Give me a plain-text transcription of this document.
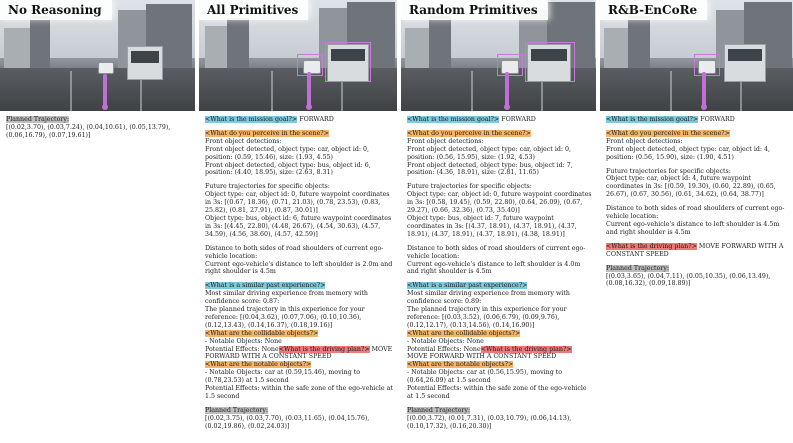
No Reasoning

Planned Trajectory:

[(0.02,3.70), (0.03,7.24), (0.04,10.61), (0.05,13.79), (0.06,16.79), (0.07,19.61)]

All Primitives

<What is the mission goal?> FORWARD

<What do you perceive in the scene?>

Front object detections:

Front object detected, object type: car, object id: 0, position: (0.59, 15.46), size: (1.93, 4.55)

Front object detected, object type: bus, object id: 6, position: (4.40, 18.95), size: (2.63, 8.31)

Future trajectories for specific objects:

Object type: car, object id: 0, future waypoint coordinates in 3s: [(0.67, 18.36), (0.71, 21.03), (0.78, 23.53), (0.83, 25.82), (0.81, 27.91), (0.87, 30.01)]

Object type: bus, object id: 6, future waypoint coordinates in 3s: [(4.45, 22.80), (4.48, 26.67), (4.54, 30.63), (4.57, 34.59), (4.56, 38.60), (4.57, 42.59)]

Distance to both sides of road shoulders of current ego-vehicle location:

Current ego-vehicle's distance to left shoulder is 2.0m and right shoulder is 4.5m

<What is a similar past experience?>

Most similar driving experience from memory with confidence score: 0.87:

The planned trajectory in this experience for your reference: [(0.04,3.62), (0.07,7.06), (0.10,10.36), (0.12,13.43), (0.14,16.37), (0.18,19.16)]

<What are the collidable objects?>

- Notable Objects: None

Potential Effects: None<What is the driving plan?> MOVE FORWARD WITH A CONSTANT SPEED

<What are the notable objects?>

- Notable Objects: car at (0.59,15.46), moving to (0.78,23.53) at 1.5 second

Potential Effects: within the safe zone of the ego-vehicle at 1.5 second

Planned Trajectory:

[(0.02,3.75), (0.03,7.70), (0.03,11.65), (0.04,15.76), (0.02,19.86), (0.02,24.03)]

Random Primitives

<What is the mission goal?> FORWARD

<What do you perceive in the scene?>

Front object detections:

Front object detected, object type: car, object id: 0, position: (0.56, 15.95), size: (1.92, 4.53)

Front object detected, object type: bus, object id: 7, position: (4.36, 18.91), size: (2.81, 11.65)

Future trajectories for specific objects:

Object type: car, object id: 0, future waypoint coordinates in 3s: [(0.58, 19.45), (0.59, 22.80), (0.64, 26.09), (0.67, 29.27), (0.66, 32.36), (0.73, 35.40)]

Object type: bus, object id: 7, future waypoint coordinates in 3s: [(4.37, 18.91), (4.37, 18.91), (4.37, 18.91), (4.37, 18.91), (4.37, 18.91), (4.38, 18.91)]

Distance to both sides of road shoulders of current ego-vehicle location:

Current ego-vehicle's distance to left shoulder is 4.0m and right shoulder is 4.5m

<What is a similar past experience?>

Most similar driving experience from memory with confidence score: 0.89:

The planned trajectory in this experience for your reference: [(0.03,3.52), (0.06,6.79), (0.09,9.76), (0.12,12.17), (0.13,14.56), (0.14,16.90)]

<What are the collidable objects?>

- Notable Objects: None

Potential Effects: None<What is the driving plan?> MOVE FORWARD WITH A CONSTANT SPEED

<What are the notable objects?>

- Notable Objects: car at (0.56,15.95), moving to (0.64,26.09) at 1.5 second

Potential Effects: within the safe zone of the ego-vehicle at 1.5 second

Planned Trajectory:

[(0.00,3.72), (0.01,7.31), (0.03,10.79), (0.06,14.13), (0.10,17.32), (0.16,20.30)]

R&B-EnCoRe

<What is the mission goal?> FORWARD

<What do you perceive in the scene?>

Front object detections:

Front object detected, object type: car, object id: 4, position: (0.56, 15.90), size: (1.90, 4.51)

Future trajectories for specific objects:

Object type: car, object id: 4, future waypoint coordinates in 3s: [(0.59, 19.30), (0.60, 22.89), (0.65, 26.67), (0.67, 30.56), (0.61, 34.62), (0.64, 38.77)]

Distance to both sides of road shoulders of current ego-vehicle location:

Current ego-vehicle's distance to left shoulder is 4.5m and right shoulder is 4.5m

<What is the driving plan?> MOVE FORWARD WITH A CONSTANT SPEED

Planned Trajectory:

[(0.03,3.65), (0.04,7.11), (0.05,10.35), (0.06,13.49), (0.08,16.32), (0.09,18.89)]
